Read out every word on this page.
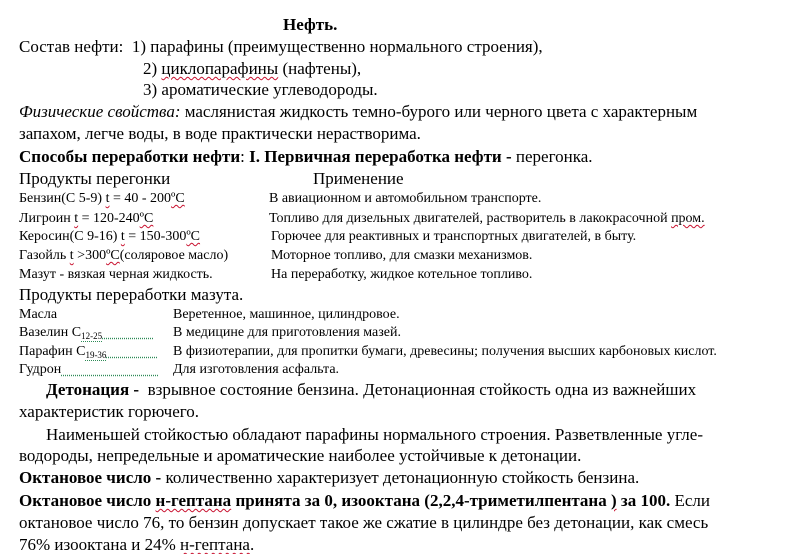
Нефть.
Состав нефти: 1) парафины (преимущественно нормального строения),
2) циклопарафины (нафтены),
3) ароматические углеводороды.
Физические свойства: маслянистая жидкость темно-бурого или черного цвета с характерным
запахом, легче воды, в воде практически нерастворима.
Способы переработки нефти: I. Первичная переработка нефти - перегонка.
Продукты перегонки	Применение
Бензин(С 5-9) t = 40 - 200ºС	В авиационном и автомобильном транспорте.
Лигроин t = 120-240ºС	Топливо для дизельных двигателей, растворитель в лакокрасочной пром.
Керосин(С 9-16) t = 150-300ºС	Горючее для реактивных и транспортных двигателей, в быту.
Газойль t >300ºС(соляровое масло)	Моторное топливо, для смазки механизмов.
Мазут - вязкая черная жидкость.	На переработку, жидкое котельное топливо.
Продукты переработки мазута.
Масла	Веретенное, машинное, цилиндровое.
Вазелин $С_{12-25}$	В медицине для приготовления мазей.
Парафин $С_{19-36}$	В физиотерапии, для пропитки бумаги, древесины; получения высших карбоновых кислот.
Гудрон	Для изготовления асфальта.
Детонация - взрывное состояние бензина. Детонационная стойкость одна из важнейших
характеристик горючего.
Наименьшей стойкостью обладают парафины нормального строения. Разветвленные угле-
водороды, непредельные и ароматические наиболее устойчивые к детонации.
Октановое число - количественно характеризует детонационную стойкость бензина.
Октановое число н-гептана принята за 0, изооктана (2,2,4-триметилпентана ) за 100. Если
октановое число 76, то бензин допускает такое же сжатие в цилиндре без детонации, как смесь
76% изооктана и 24% н-гептана.
